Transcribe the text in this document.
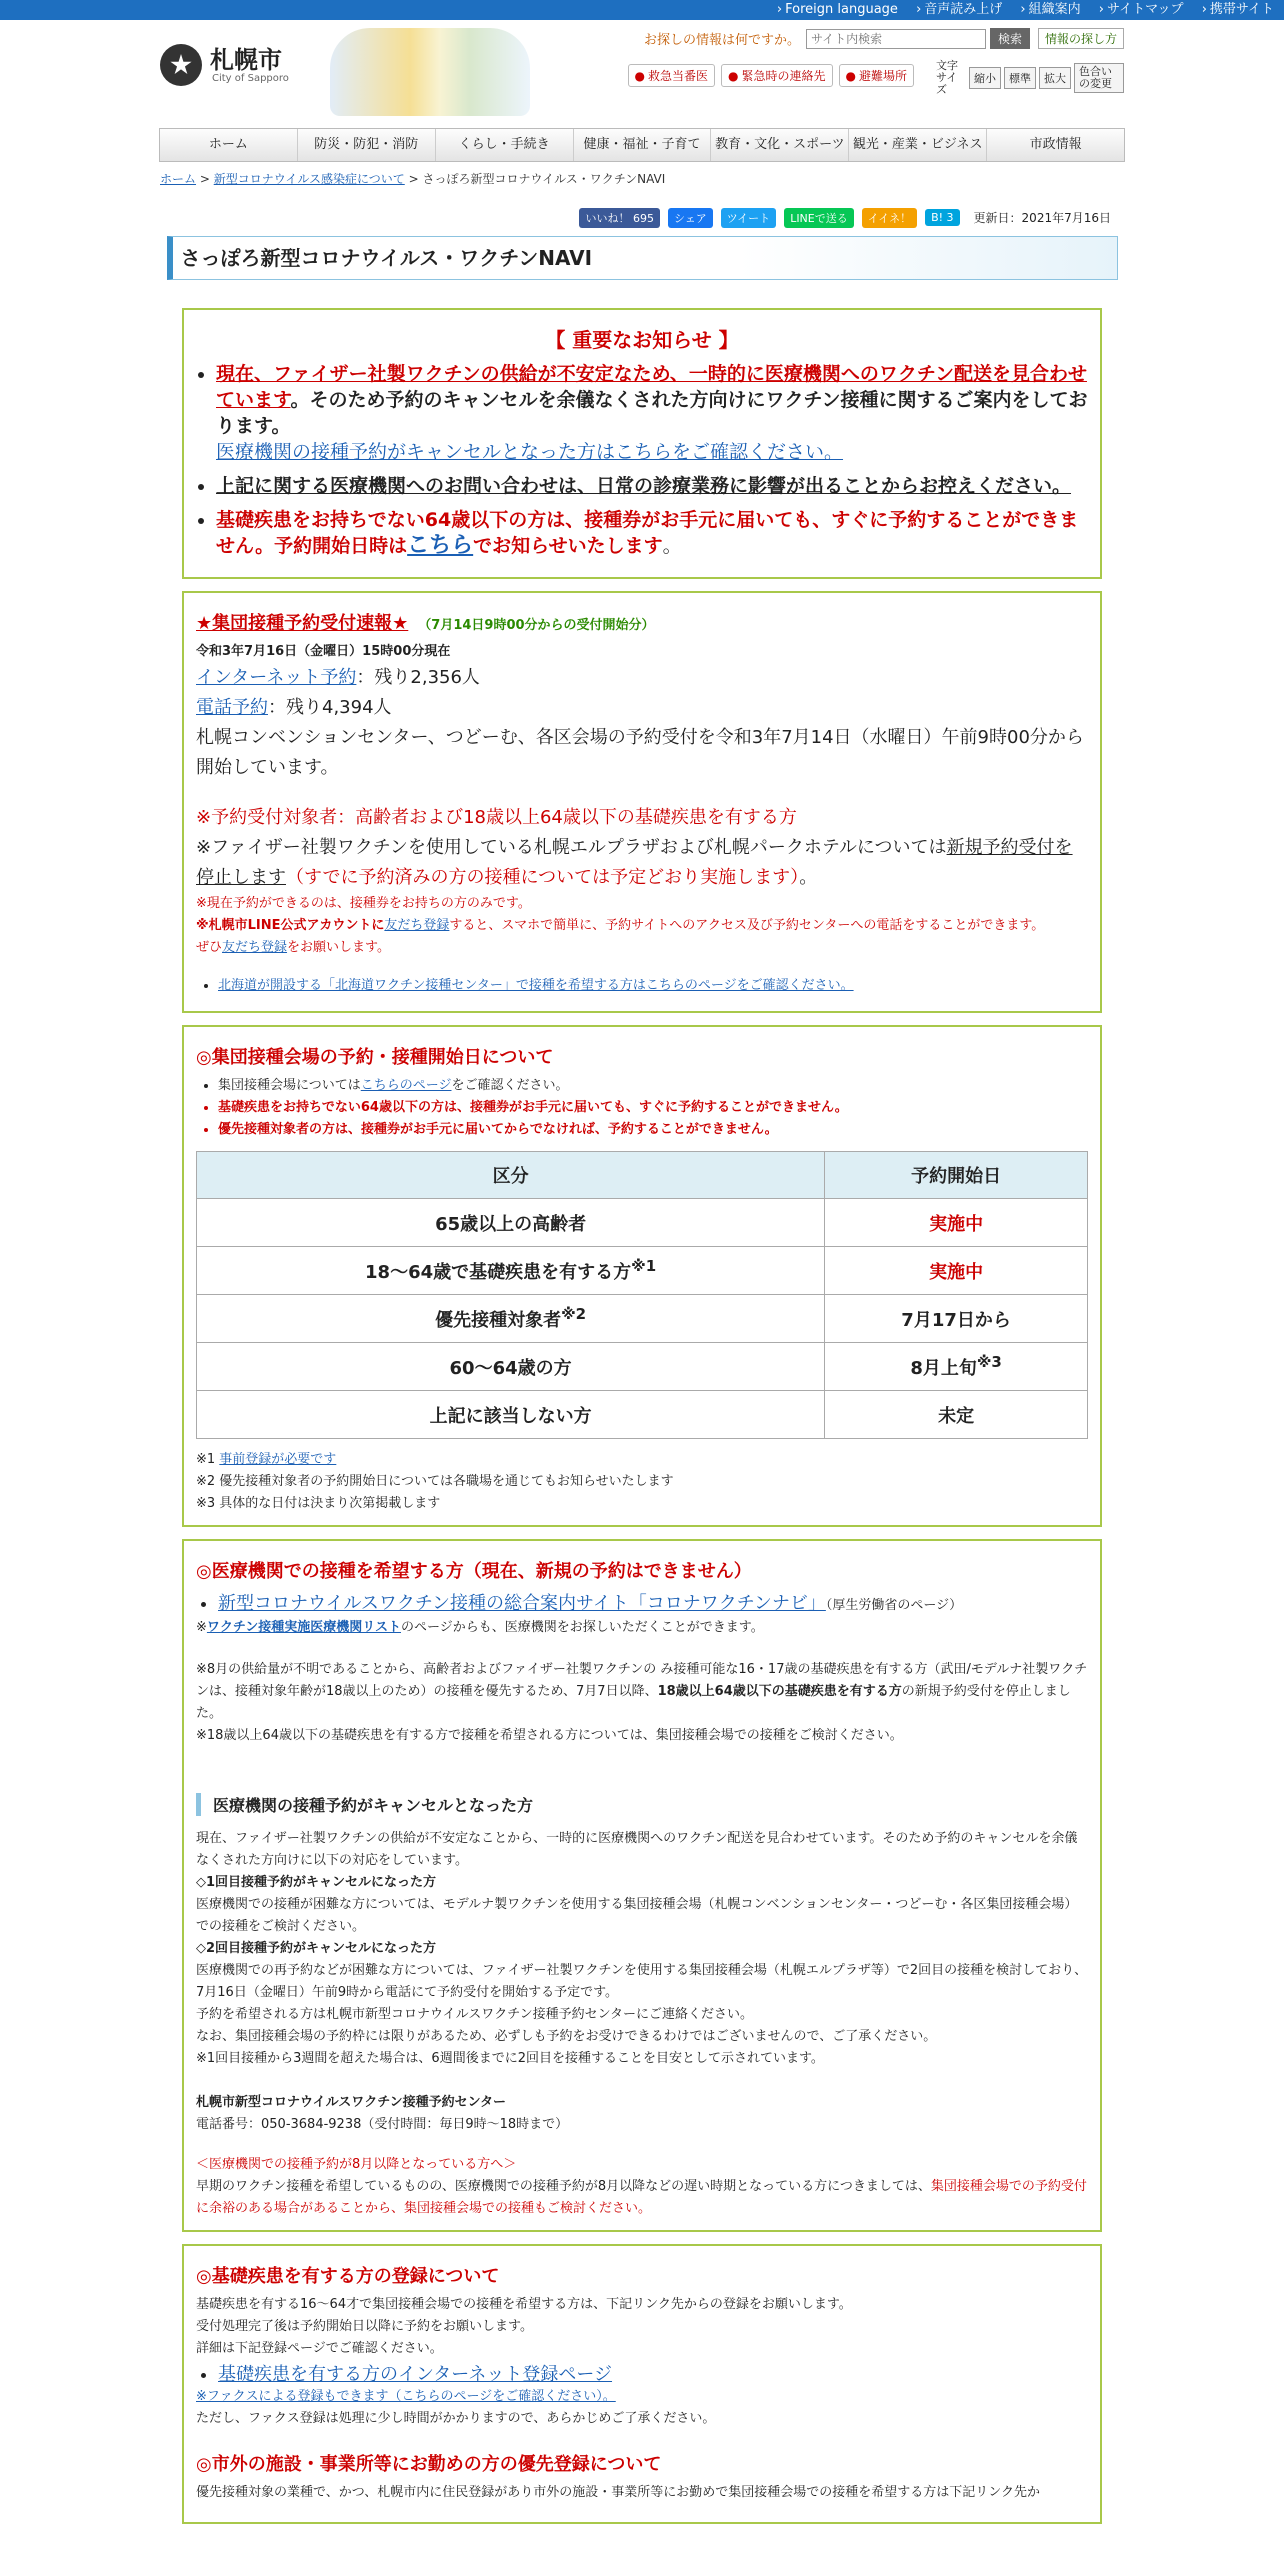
› Foreign language › 音声読み上げ › 組織案内 › サイトマップ › 携帯サイト
札幌市
City of Sapporo
お探しの情報は何ですか。
サイト内検索	検索	情報の探し方
● 救急当番医	● 緊急時の連絡先	● 避難場所
文字サイズ
縮小	標準	拡大
色合いの変更
ホーム	防災・防犯・消防	くらし・手続き	健康・福祉・子育て	教育・文化・スポーツ 観光・産業・ビジネス	市政情報
ホーム > 新型コロナウイルス感染症について > さっぽろ新型コロナウイルス・ワクチンNAVI
いいね！ 695	シェア	ツイート	LINEで送る	イイネ！	B! 3	更新日：2021年7月16日
さっぽろ新型コロナウイルス・ワクチンNAVI
【 重要なお知らせ 】
• 現在、ファイザー社製ワクチンの供給が不安定なため、一時的に医療機関へのワクチン配送を見合わせています。そのため予約のキャンセルを余儀なくされた方向けにワクチン接種に関するご案内をしております。
医療機関の接種予約がキャンセルとなった方はこちらをご確認ください。
• 上記に関する医療機関へのお問い合わせは、日常の診療業務に影響が出ることからお控えください。
• 基礎疾患をお持ちでない64歳以下の方は、接種券がお手元に届いても、すぐに予約することができません。予約開始日時はこちらでお知らせいたします。
★集団接種予約受付速報★ （7月14日9時00分からの受付開始分）
令和3年7月16日（金曜日）15時00分現在
インターネット予約：残り2,356人
電話予約：残り4,394人
札幌コンベンションセンター、つどーむ、各区会場の予約受付を令和3年7月14日（水曜日）午前9時00分から開始しています。
※予約受付対象者：高齢者および18歳以上64歳以下の基礎疾患を有する方
※ファイザー社製ワクチンを使用している札幌エルプラザおよび札幌パークホテルについては新規予約受付を停止します（すでに予約済みの方の接種については予定どおり実施します）。
※現在予約ができるのは、接種券をお持ちの方のみです。
※札幌市LINE公式アカウントに友だち登録すると、スマホで簡単に、予約サイトへのアクセス及び予約センターへの電話をすることができます。
ぜひ友だち登録をお願いします。
• 北海道が開設する「北海道ワクチン接種センター」で接種を希望する方はこちらのページをご確認ください。
◎集団接種会場の予約・接種開始日について
• 集団接種会場についてはこちらのページをご確認ください。
• 基礎疾患をお持ちでない64歳以下の方は、接種券がお手元に届いても、すぐに予約することができません。
• 優先接種対象者の方は、接種券がお手元に届いてからでなければ、予約することができません。
区分	予約開始日
65歳以上の高齢者	実施中
18～64歳で基礎疾患を有する方$^{※1}$	実施中
優先接種対象者$^{※2}$	7月17日から
60～64歳の方	8月上旬$^{※3}$
上記に該当しない方	未定
※1 事前登録が必要です
※2 優先接種対象者の予約開始日については各職場を通じてもお知らせいたします
※3 具体的な日付は決まり次第掲載します
◎医療機関での接種を希望する方（現在、新規の予約はできません）
• 新型コロナウイルスワクチン接種の総合案内サイト「コロナワクチンナビ」（厚生労働省のページ）
※ワクチン接種実施医療機関リストのページからも、医療機関をお探しいただくことができます。
※8月の供給量が不明であることから、高齢者およびファイザー社製ワクチンの み接種可能な16・17歳の基礎疾患を有する方（武田/モデルナ社製ワクチンは、接種対象年齢が18歳以上のため）の接種を優先するため、7月7日以降、18歳以上64歳以下の基礎疾患を有する方の新規予約受付を停止しました。
※18歳以上64歳以下の基礎疾患を有する方で接種を希望される方については、集団接種会場での接種をご検討ください。
医療機関の接種予約がキャンセルとなった方
現在、ファイザー社製ワクチンの供給が不安定なことから、一時的に医療機関へのワクチン配送を見合わせています。そのため予約のキャンセルを余儀なくされた方向けに以下の対応をしています。
◇1回目接種予約がキャンセルになった方
医療機関での接種が困難な方については、モデルナ製ワクチンを使用する集団接種会場（札幌コンベンションセンター・つどーむ・各区集団接種会場）での接種をご検討ください。
◇2回目接種予約がキャンセルになった方
医療機関での再予約などが困難な方については、ファイザー社製ワクチンを使用する集団接種会場（札幌エルプラザ等）で2回目の接種を検討しており、7月16日（金曜日）午前9時から電話にて予約受付を開始する予定です。
予約を希望される方は札幌市新型コロナウイルスワクチン接種予約センターにご連絡ください。
なお、集団接種会場の予約枠には限りがあるため、必ずしも予約をお受けできるわけではございませんので、ご了承ください。
※1回目接種から3週間を超えた場合は、6週間後までに2回目を接種することを目安として示されています。
札幌市新型コロナウイルスワクチン接種予約センター
電話番号：050-3684-9238（受付時間：毎日9時～18時まで）
＜医療機関での接種予約が8月以降となっている方へ＞
早期のワクチン接種を希望しているものの、医療機関での接種予約が8月以降などの遅い時期となっている方につきましては、集団接種会場での予約受付に余裕のある場合があることから、集団接種会場での接種もご検討ください。
◎基礎疾患を有する方の登録について
基礎疾患を有する16～64才で集団接種会場での接種を希望する方は、下記リンク先からの登録をお願いします。
受付処理完了後は予約開始日以降に予約をお願いします。
詳細は下記登録ページでご確認ください。
• 基礎疾患を有する方のインターネット登録ページ
※ファクスによる登録もできます（こちらのページをご確認ください）。
ただし、ファクス登録は処理に少し時間がかかりますので、あらかじめご了承ください。
◎市外の施設・事業所等にお勤めの方の優先登録について
優先接種対象の業種で、かつ、札幌市内に住民登録があり市外の施設・事業所等にお勤めで集団接種会場での接種を希望する方は下記リンク先か
